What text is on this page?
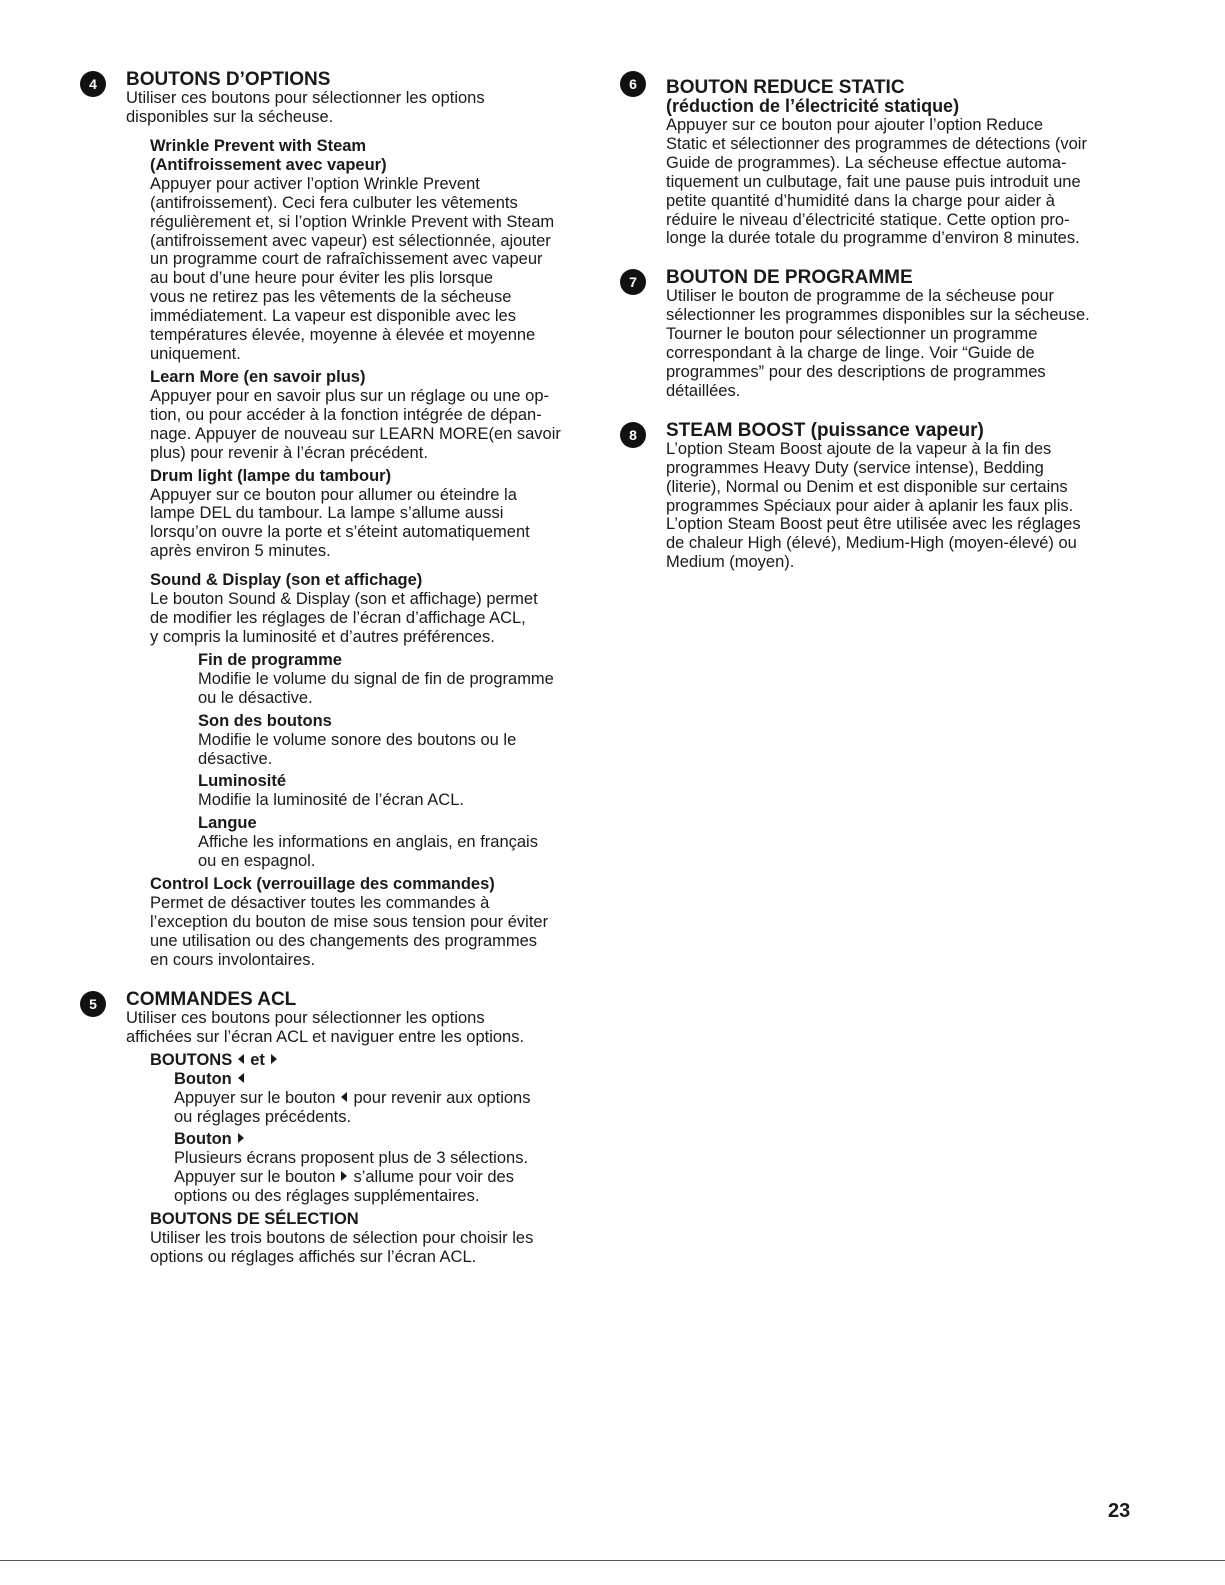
4	BOUTONS D’OPTIONS

Utiliser ces boutons pour sélectionner les options

disponibles sur la sécheuse.

Wrinkle Prevent with Steam
(Antifroissement avec vapeur)

Appuyer pour activer l’option Wrinkle Prevent

(antifroissement). Ceci fera culbuter les vêtements

régulièrement et, si l’option Wrinkle Prevent with Steam

(antifroissement avec vapeur) est sélectionnée, ajouter

un programme court de rafraîchissement avec vapeur

au bout d’une heure pour éviter les plis lorsque

vous ne retirez pas les vêtements de la sécheuse

immédiatement. La vapeur est disponible avec les

températures élevée, moyenne à élevée et moyenne

uniquement.

Learn More (en savoir plus)

Appuyer pour en savoir plus sur un réglage ou une op-

tion, ou pour accéder à la fonction intégrée de dépan-

nage. Appuyer de nouveau sur LEARN MORE(en savoir

plus) pour revenir à l’écran précédent.

Drum light (lampe du tambour)

Appuyer sur ce bouton pour allumer ou éteindre la

lampe DEL du tambour. La lampe s’allume aussi

lorsqu’on ouvre la porte et s’éteint automatiquement

après environ 5 minutes.

Sound & Display (son et affichage)

Le bouton Sound & Display (son et affichage) permet

de modifier les réglages de l’écran d’affichage ACL,

y compris la luminosité et d’autres préférences.

Fin de programme

Modifie le volume du signal de fin de programme

ou le désactive.

Son des boutons

Modifie le volume sonore des boutons ou le

désactive.

Luminosité

Modifie la luminosité de l’écran ACL.

Langue

Affiche les informations en anglais, en français

ou en espagnol.

Control Lock (verrouillage des commandes)

Permet de désactiver toutes les commandes à

l’exception du bouton de mise sous tension pour éviter

une utilisation ou des changements des programmes

en cours involontaires.

5	COMMANDES ACL

Utiliser ces boutons pour sélectionner les options

affichées sur l’écran ACL et naviguer entre les options.

BOUTONS et
Bouton

Appuyer sur le bouton pour revenir aux options

ou réglages précédents.

Bouton

Plusieurs écrans proposent plus de 3 sélections.

Appuyer sur le bouton s’allume pour voir des

options ou des réglages supplémentaires.

BOUTONS DE SÉLECTION

Utiliser les trois boutons de sélection pour choisir les

options ou réglages affichés sur l’écran ACL.

6	BOUTON REDUCE STATIC
(réduction de l’électricité statique)

Appuyer sur ce bouton pour ajouter l’option Reduce

Static et sélectionner des programmes de détections (voir

Guide de programmes). La sécheuse effectue automa-

tiquement un culbutage, fait une pause puis introduit une

petite quantité d’humidité dans la charge pour aider à

réduire le niveau d’électricité statique. Cette option pro-

longe la durée totale du programme d’environ 8 minutes.

7	BOUTON DE PROGRAMME

Utiliser le bouton de programme de la sécheuse pour

sélectionner les programmes disponibles sur la sécheuse.

Tourner le bouton pour sélectionner un programme

correspondant à la charge de linge. Voir “Guide de

programmes” pour des descriptions de programmes

détaillées.

8	STEAM BOOST (puissance vapeur)

L’option Steam Boost ajoute de la vapeur à la fin des

programmes Heavy Duty (service intense), Bedding

(literie), Normal ou Denim et est disponible sur certains

programmes Spéciaux pour aider à aplanir les faux plis.

L’option Steam Boost peut être utilisée avec les réglages

de chaleur High (élevé), Medium-High (moyen-élevé) ou

Medium (moyen).

23
